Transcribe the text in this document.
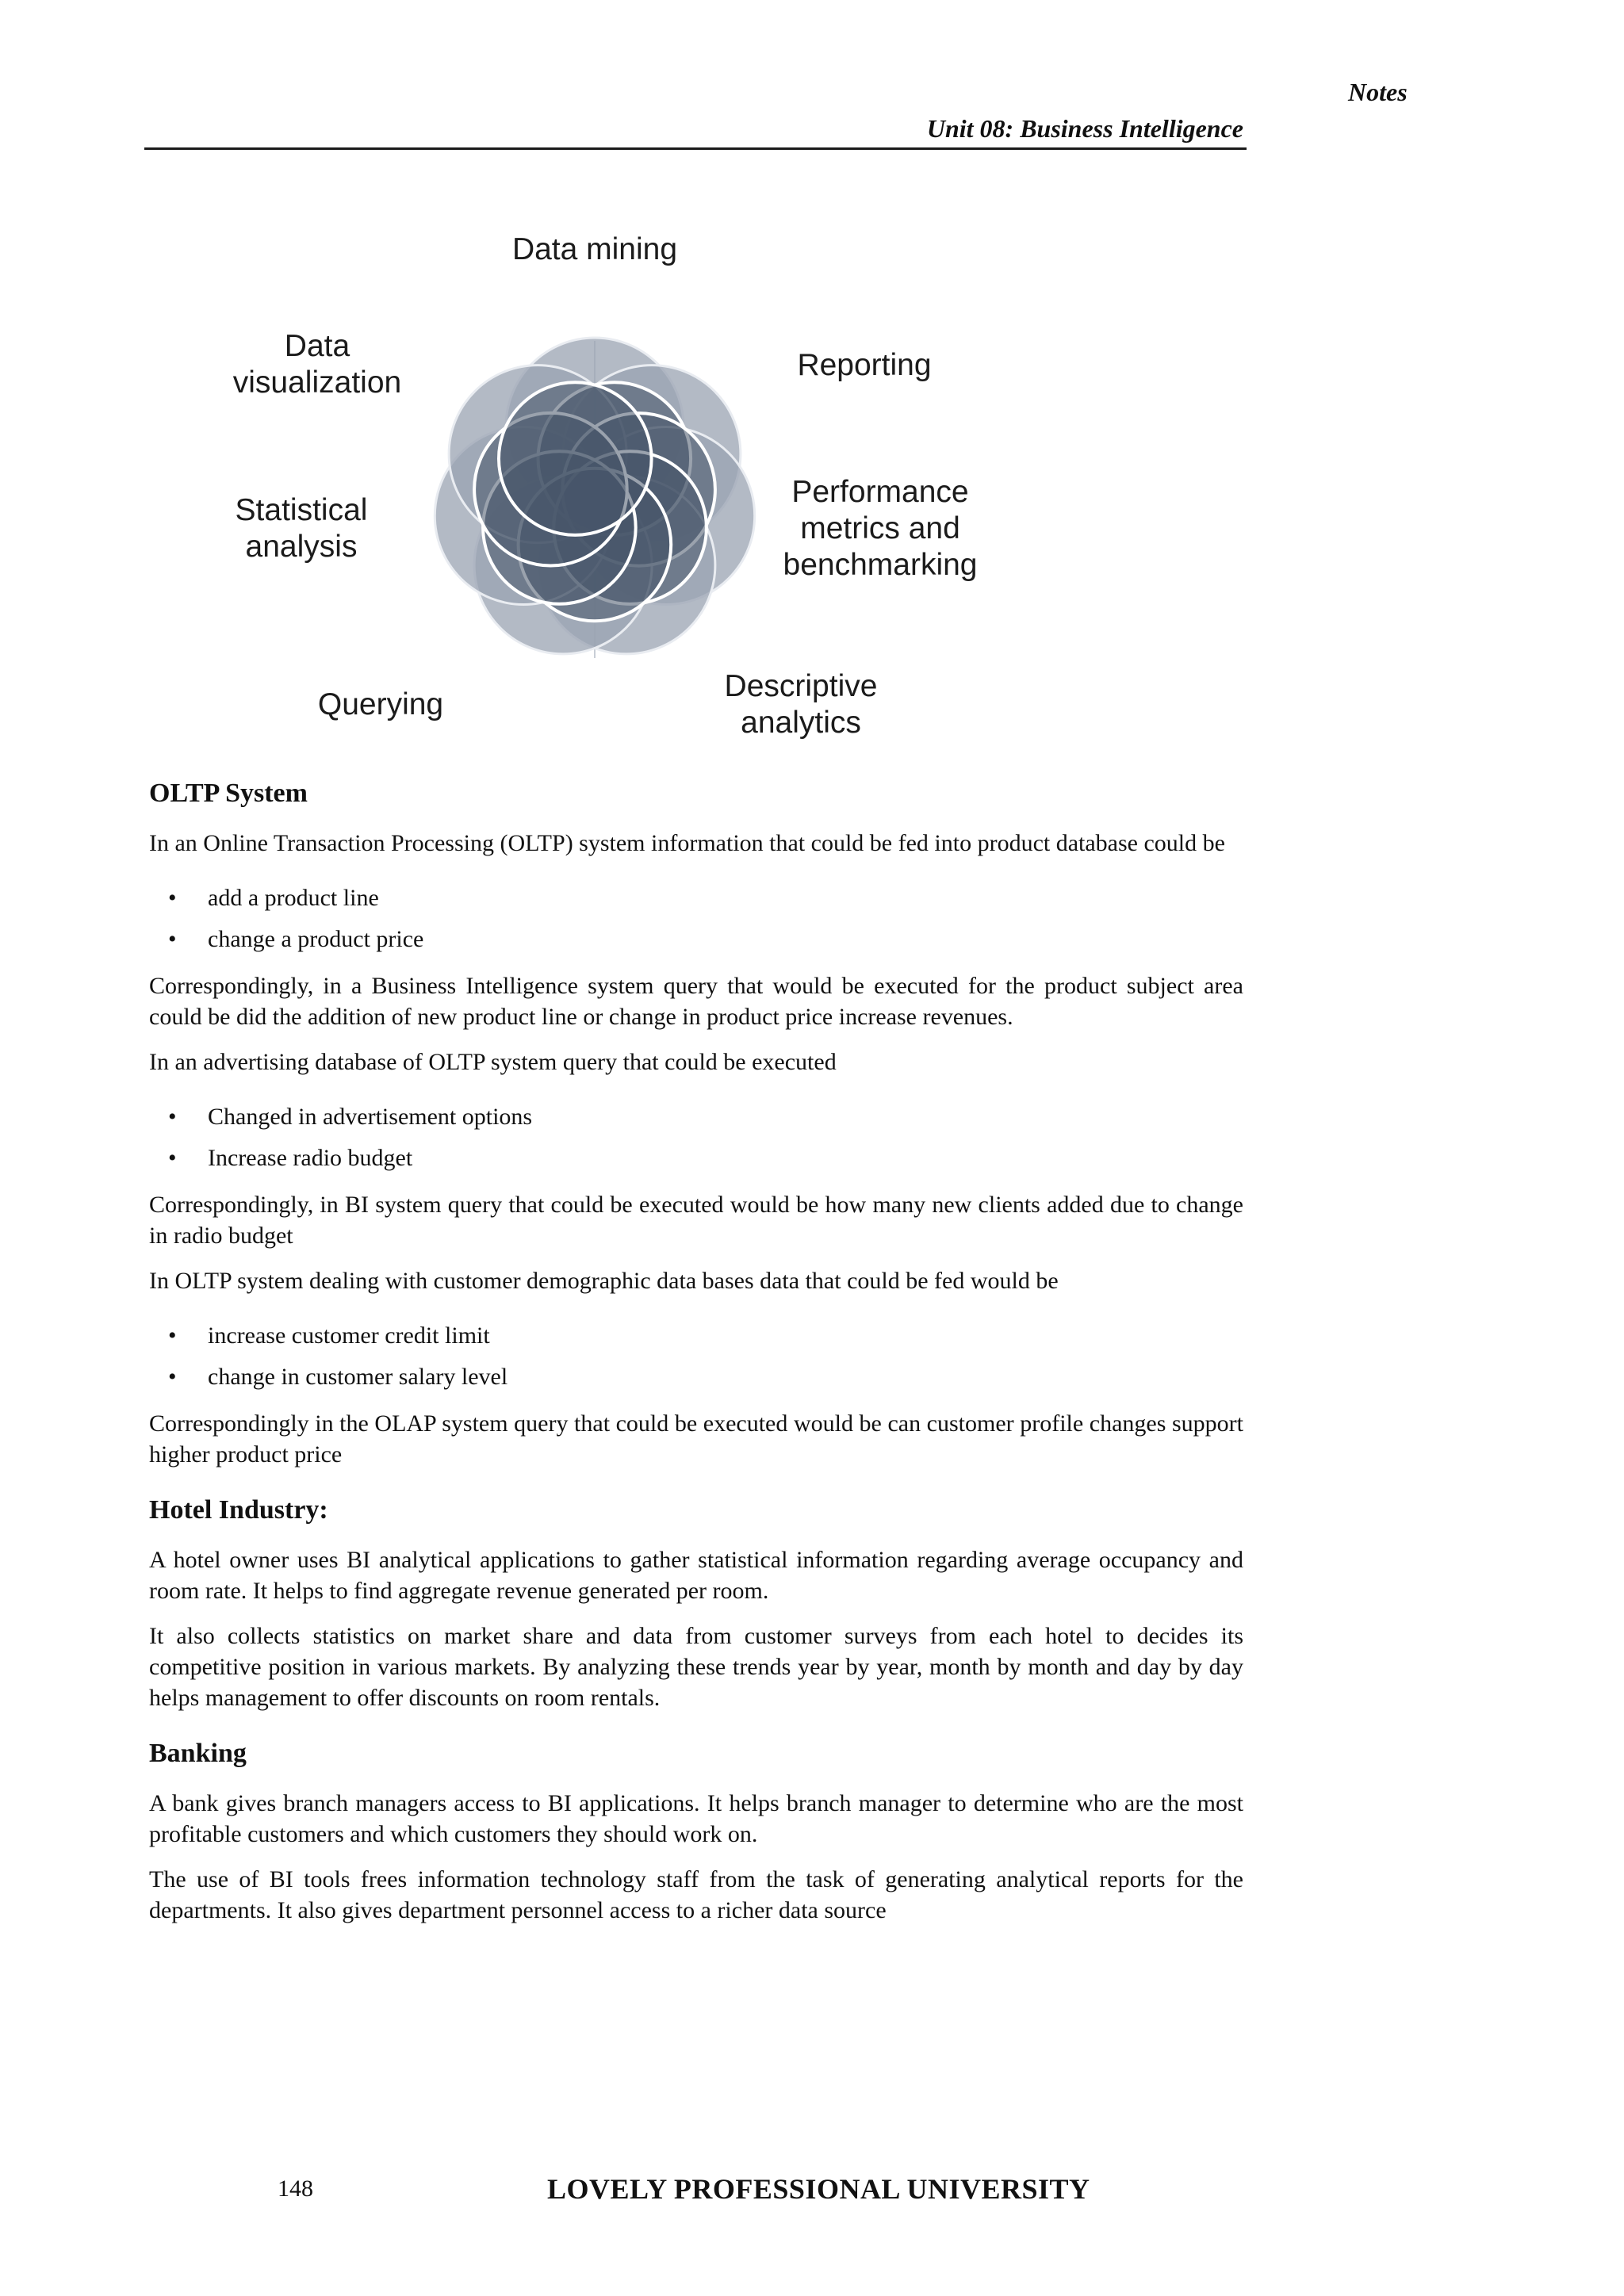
Notes
Unit 08: Business Intelligence
Data mining
Reporting
Performance
metrics and
benchmarking
Descriptive
analytics
Querying
Statistical
analysis
Data
visualization
OLTP System

In an Online Transaction Processing (OLTP) system information that could be fed into product database could be

• add a product line
• change a product price

Correspondingly, in a Business Intelligence system query that would be executed for the product subject area could be did the addition of new product line or change in product price increase revenues.

In an advertising database of OLTP system query that could be executed

• Changed in advertisement options
• Increase radio budget

Correspondingly, in BI system query that could be executed would be how many new clients added due to change in radio budget

In OLTP system dealing with customer demographic data bases data that could be fed would be

• increase customer credit limit
• change in customer salary level

Correspondingly in the OLAP system query that could be executed would be can customer profile changes support higher product price

Hotel Industry:

A hotel owner uses BI analytical applications to gather statistical information regarding average occupancy and room rate. It helps to find aggregate revenue generated per room.

It also collects statistics on market share and data from customer surveys from each hotel to decides its competitive position in various markets. By analyzing these trends year by year, month by month and day by day helps management to offer discounts on room rentals.

Banking

A bank gives branch managers access to BI applications. It helps branch manager to determine who are the most profitable customers and which customers they should work on.

The use of BI tools frees information technology staff from the task of generating analytical reports for the departments. It also gives department personnel access to a richer data source

148	LOVELY PROFESSIONAL UNIVERSITY
